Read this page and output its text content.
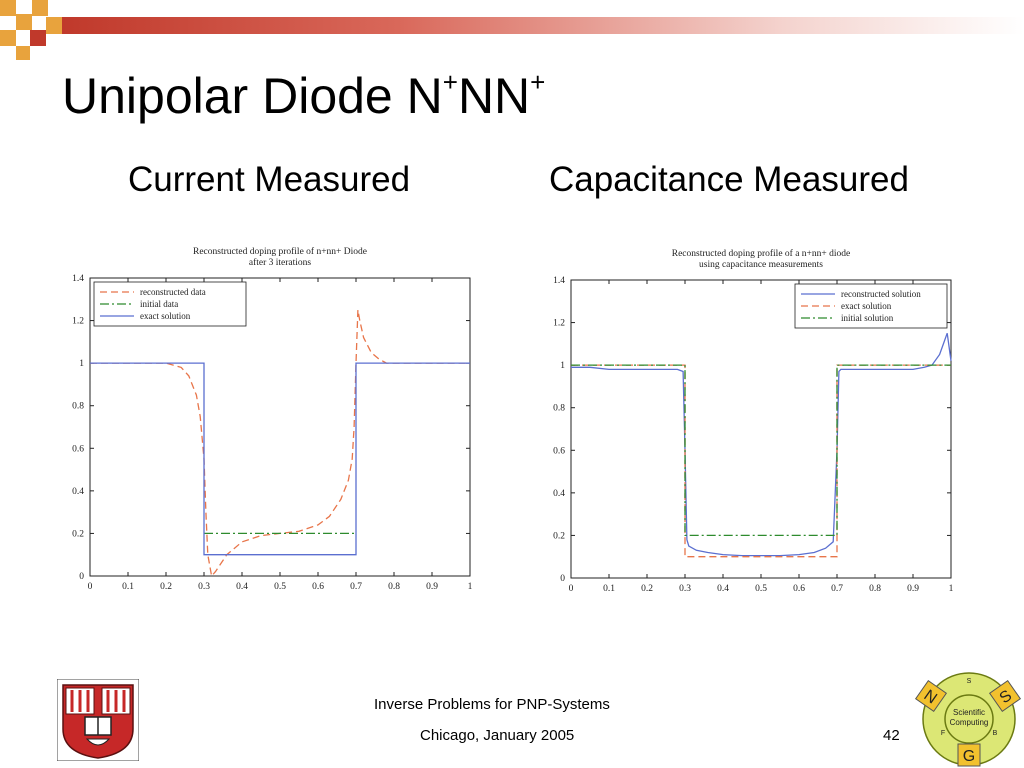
Unipolar Diode N+NN+
Current Measured	Capacitance Measured
Reconstructed doping profile of n+nn+ Diode
after 3 iterations
0	0.1	0.2	0.3	0.4	0.5	0.6	0.7	0.8	0.9	1
0
0.2
0.4
0.6
0.8
1
1.2
1.4
reconstructed data
initial data
exact solution
Reconstructed doping profile of a n+nn+ diode
using capacitance measurements
0	0.1	0.2	0.3	0.4	0.5	0.6	0.7	0.8	0.9	1
0
0.2
0.4
0.6
0.8
1
1.2
1.4
reconstructed solution
exact solution
initial solution
Inverse Problems for PNP-Systems
Chicago, January 2005	42
Scientific
Computing
N	S
G
S
F	B
